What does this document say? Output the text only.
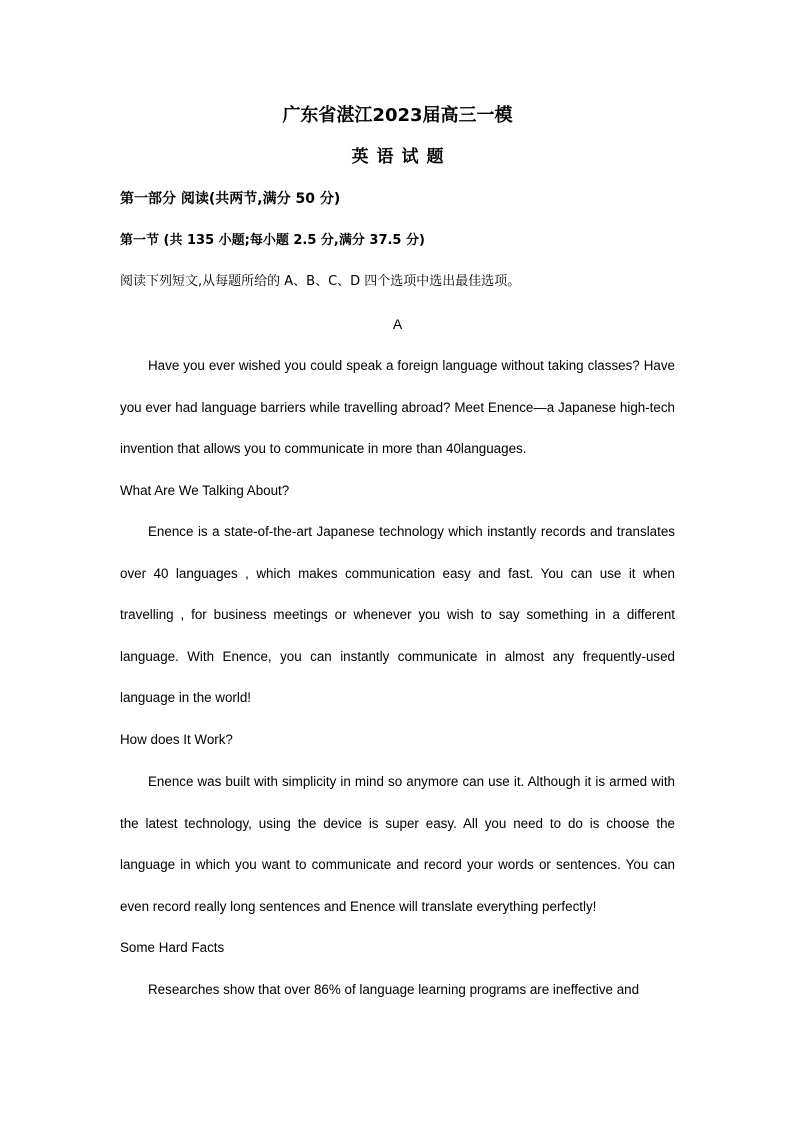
广东省湛江2023届高三一模
英语试题
第一部分 阅读(共两节,满分 50 分)
第一节 (共 135 小题;每小题 2.5 分,满分 37.5 分)
阅读下列短文,从每题所给的 A、B、C、D 四个选项中选出最佳选项。
A

Have you ever wished you could speak a foreign language without taking classes? Have you ever had language barriers while travelling abroad? Meet Enence—a Japanese high-tech invention that allows you to communicate in more than 40languages.

What Are We Talking About?

Enence is a state-of-the-art Japanese technology which instantly records and translates over 40 languages , which makes communication easy and fast. You can use it when travelling , for business meetings or whenever you wish to say something in a different language. With Enence, you can instantly communicate in almost any frequently-used language in the world!

How does It Work?

Enence was built with simplicity in mind so anymore can use it. Although it is armed with the latest technology, using the device is super easy. All you need to do is choose the language in which you want to communicate and record your words or sentences. You can even record really long sentences and Enence will translate everything perfectly!

Some Hard Facts

Researches show that over 86% of language learning programs are ineffective and
